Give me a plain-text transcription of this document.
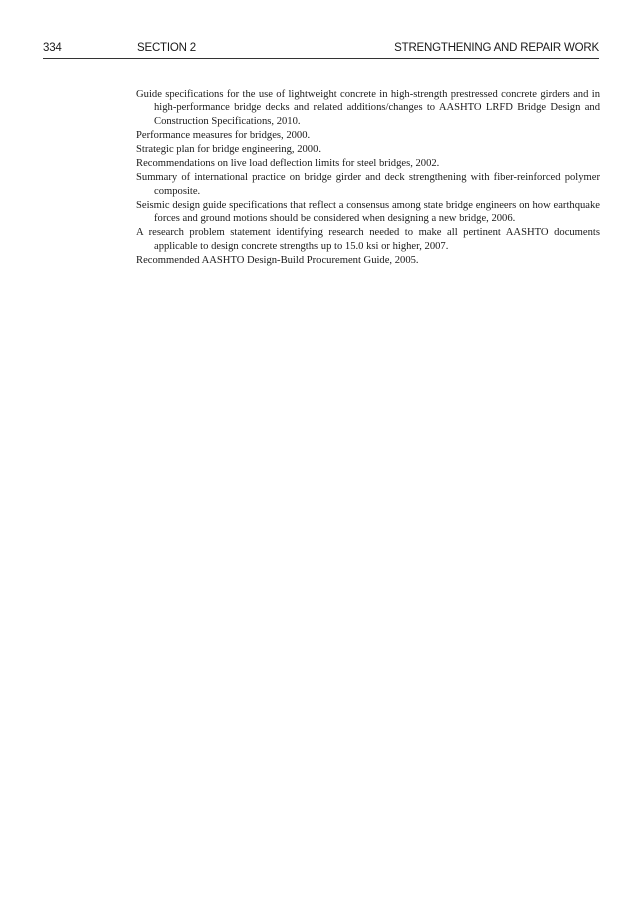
334	SECTION 2	STRENGTHENING AND REPAIR WORK
Guide specifications for the use of lightweight concrete in high-strength prestressed concrete girders and in high-performance bridge decks and related additions/changes to AASHTO LRFD Bridge Design and Construction Specifications, 2010.
Performance measures for bridges, 2000.
Strategic plan for bridge engineering, 2000.
Recommendations on live load deflection limits for steel bridges, 2002.
Summary of international practice on bridge girder and deck strengthening with fiber-reinforced polymer composite.
Seismic design guide specifications that reflect a consensus among state bridge engineers on how earthquake forces and ground motions should be considered when designing a new bridge, 2006.
A research problem statement identifying research needed to make all pertinent AASHTO documents applicable to design concrete strengths up to 15.0 ksi or higher, 2007.
Recommended AASHTO Design-Build Procurement Guide, 2005.
